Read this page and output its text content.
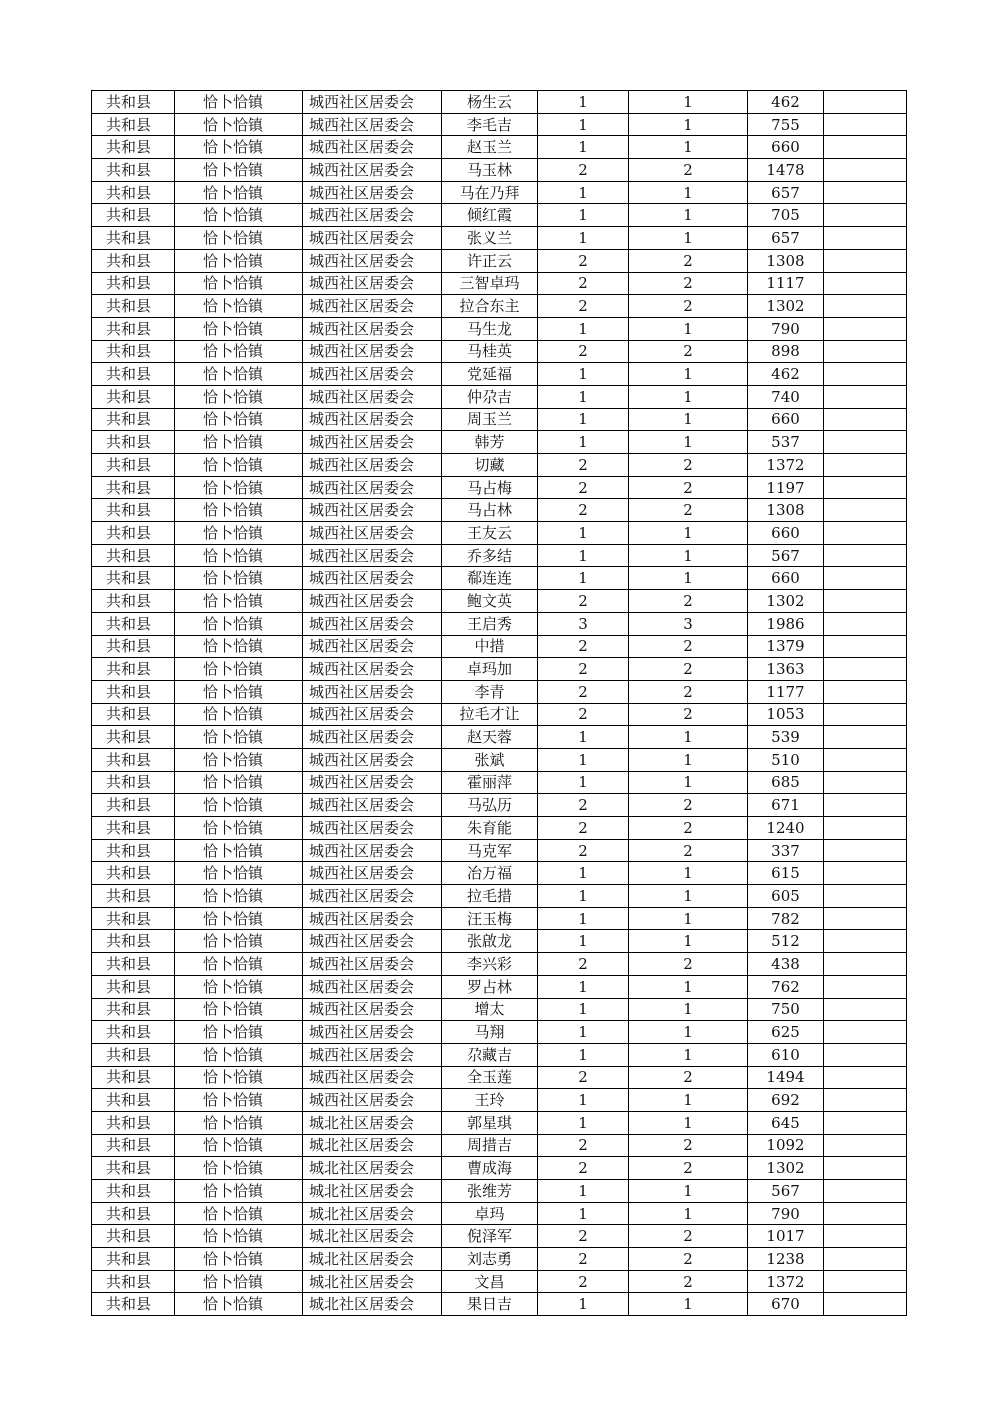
共和县	恰卜恰镇	城西社区居委会	杨生云	1	1	462	
共和县	恰卜恰镇	城西社区居委会	李毛吉	1	1	755	
共和县	恰卜恰镇	城西社区居委会	赵玉兰	1	1	660	
共和县	恰卜恰镇	城西社区居委会	马玉林	2	2	1478	
共和县	恰卜恰镇	城西社区居委会	马在乃拜	1	1	657	
共和县	恰卜恰镇	城西社区居委会	倾红霞	1	1	705	
共和县	恰卜恰镇	城西社区居委会	张义兰	1	1	657	
共和县	恰卜恰镇	城西社区居委会	许正云	2	2	1308	
共和县	恰卜恰镇	城西社区居委会	三智卓玛	2	2	1117	
共和县	恰卜恰镇	城西社区居委会	拉合东主	2	2	1302	
共和县	恰卜恰镇	城西社区居委会	马生龙	1	1	790	
共和县	恰卜恰镇	城西社区居委会	马桂英	2	2	898	
共和县	恰卜恰镇	城西社区居委会	党延福	1	1	462	
共和县	恰卜恰镇	城西社区居委会	仲尕吉	1	1	740	
共和县	恰卜恰镇	城西社区居委会	周玉兰	1	1	660	
共和县	恰卜恰镇	城西社区居委会	韩芳	1	1	537	
共和县	恰卜恰镇	城西社区居委会	切藏	2	2	1372	
共和县	恰卜恰镇	城西社区居委会	马占梅	2	2	1197	
共和县	恰卜恰镇	城西社区居委会	马占林	2	2	1308	
共和县	恰卜恰镇	城西社区居委会	王友云	1	1	660	
共和县	恰卜恰镇	城西社区居委会	乔多结	1	1	567	
共和县	恰卜恰镇	城西社区居委会	郗连连	1	1	660	
共和县	恰卜恰镇	城西社区居委会	鲍文英	2	2	1302	
共和县	恰卜恰镇	城西社区居委会	王启秀	3	3	1986	
共和县	恰卜恰镇	城西社区居委会	中措	2	2	1379	
共和县	恰卜恰镇	城西社区居委会	卓玛加	2	2	1363	
共和县	恰卜恰镇	城西社区居委会	李青	2	2	1177	
共和县	恰卜恰镇	城西社区居委会	拉毛才让	2	2	1053	
共和县	恰卜恰镇	城西社区居委会	赵天蓉	1	1	539	
共和县	恰卜恰镇	城西社区居委会	张斌	1	1	510	
共和县	恰卜恰镇	城西社区居委会	霍丽萍	1	1	685	
共和县	恰卜恰镇	城西社区居委会	马弘历	2	2	671	
共和县	恰卜恰镇	城西社区居委会	朱育能	2	2	1240	
共和县	恰卜恰镇	城西社区居委会	马克军	2	2	337	
共和县	恰卜恰镇	城西社区居委会	冶万福	1	1	615	
共和县	恰卜恰镇	城西社区居委会	拉毛措	1	1	605	
共和县	恰卜恰镇	城西社区居委会	汪玉梅	1	1	782	
共和县	恰卜恰镇	城西社区居委会	张啟龙	1	1	512	
共和县	恰卜恰镇	城西社区居委会	李兴彩	2	2	438	
共和县	恰卜恰镇	城西社区居委会	罗占林	1	1	762	
共和县	恰卜恰镇	城西社区居委会	增太	1	1	750	
共和县	恰卜恰镇	城西社区居委会	马翔	1	1	625	
共和县	恰卜恰镇	城西社区居委会	尕藏吉	1	1	610	
共和县	恰卜恰镇	城西社区居委会	全玉莲	2	2	1494	
共和县	恰卜恰镇	城西社区居委会	王玲	1	1	692	
共和县	恰卜恰镇	城北社区居委会	郭星琪	1	1	645	
共和县	恰卜恰镇	城北社区居委会	周措吉	2	2	1092	
共和县	恰卜恰镇	城北社区居委会	曹成海	2	2	1302	
共和县	恰卜恰镇	城北社区居委会	张维芳	1	1	567	
共和县	恰卜恰镇	城北社区居委会	卓玛	1	1	790	
共和县	恰卜恰镇	城北社区居委会	倪泽军	2	2	1017	
共和县	恰卜恰镇	城北社区居委会	刘志勇	2	2	1238	
共和县	恰卜恰镇	城北社区居委会	文昌	2	2	1372	
共和县	恰卜恰镇	城北社区居委会	果日吉	1	1	670	
